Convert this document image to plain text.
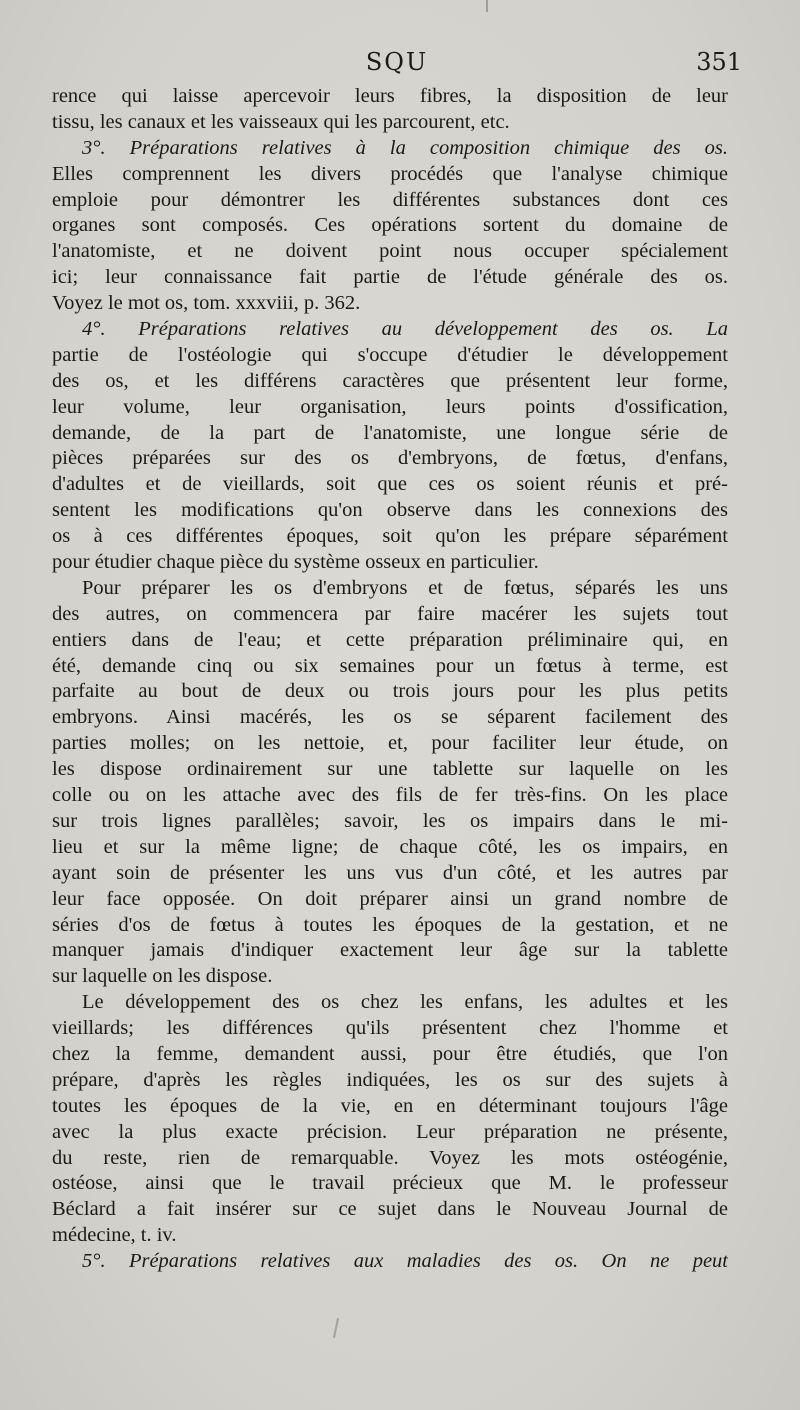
SQU	351
rence qui laisse apercevoir leurs fibres, la disposition de leur
tissu, les canaux et les vaisseaux qui les parcourent, etc.
3°. Préparations relatives à la composition chimique des os.
Elles comprennent les divers procédés que l'analyse chimique
emploie pour démontrer les différentes substances dont ces
organes sont composés. Ces opérations sortent du domaine de
l'anatomiste, et ne doivent point nous occuper spécialement
ici; leur connaissance fait partie de l'étude générale des os.
Voyez le mot os, tom. xxxviii, p. 362.
4°. Préparations relatives au développement des os. La
partie de l'ostéologie qui s'occupe d'étudier le développement
des os, et les différens caractères que présentent leur forme,
leur volume, leur organisation, leurs points d'ossification,
demande, de la part de l'anatomiste, une longue série de
pièces préparées sur des os d'embryons, de fœtus, d'enfans,
d'adultes et de vieillards, soit que ces os soient réunis et pré-
sentent les modifications qu'on observe dans les connexions des
os à ces différentes époques, soit qu'on les prépare séparément
pour étudier chaque pièce du système osseux en particulier.
Pour préparer les os d'embryons et de fœtus, séparés les uns
des autres, on commencera par faire macérer les sujets tout
entiers dans de l'eau; et cette préparation préliminaire qui, en
été, demande cinq ou six semaines pour un fœtus à terme, est
parfaite au bout de deux ou trois jours pour les plus petits
embryons. Ainsi macérés, les os se séparent facilement des
parties molles; on les nettoie, et, pour faciliter leur étude, on
les dispose ordinairement sur une tablette sur laquelle on les
colle ou on les attache avec des fils de fer très-fins. On les place
sur trois lignes parallèles; savoir, les os impairs dans le mi-
lieu et sur la même ligne; de chaque côté, les os impairs, en
ayant soin de présenter les uns vus d'un côté, et les autres par
leur face opposée. On doit préparer ainsi un grand nombre de
séries d'os de fœtus à toutes les époques de la gestation, et ne
manquer jamais d'indiquer exactement leur âge sur la tablette
sur laquelle on les dispose.
Le développement des os chez les enfans, les adultes et les
vieillards; les différences qu'ils présentent chez l'homme et
chez la femme, demandent aussi, pour être étudiés, que l'on
prépare, d'après les règles indiquées, les os sur des sujets à
toutes les époques de la vie, en en déterminant toujours l'âge
avec la plus exacte précision. Leur préparation ne présente,
du reste, rien de remarquable. Voyez les mots ostéogénie,
ostéose, ainsi que le travail précieux que M. le professeur
Béclard a fait insérer sur ce sujet dans le Nouveau Journal de
médecine, t. iv.
5°. Préparations relatives aux maladies des os. On ne peut
